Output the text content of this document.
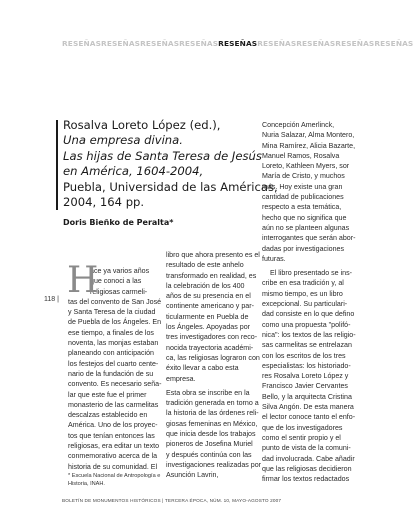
RESEÑASRESEÑASRESEÑASRESEÑASRESEÑASRESEÑASRESEÑASRESEÑASRESEÑAS
Rosalva Loreto López (ed.),
Una empresa divina.
Las hijas de Santa Teresa de Jesús
en América, 1604-2004,
Puebla, Universidad de las Américas,
2004, 164 pp.
Doris Bieñko de Peralta*
118 | H
ace ya varios años
que conoci a las
religiosas carmeli-
tas del convento de San José
y Santa Teresa de la ciudad
de Puebla de los Ángeles. En
ese tiempo, a finales de los
noventa, las monjas estaban
planeando con anticipación
los festejos del cuarto cente-
nario de la fundación de su
convento. Es necesario seña-
lar que este fue el primer
monasterio de las carmelitas
descalzas establecido en
América. Uno de los proyec-
tos que tenían entonces las
religiosas, era editar un texto
conmemorativo acerca de la
historia de su comunidad. El
libro que ahora presento es el
resultado de este anhelo
transformado en realidad, es
la celebración de los 400
años de su presencia en el
continente americano y par-
ticularmente en Puebla de
los Ángeles. Apoyadas por
tres investigadores con reco-
nocida trayectoria académi-
ca, las religiosas lograron con
éxito llevar a cabo esta
empresa.
Esta obra se inscribe en la
tradición generada en torno a
la historia de las órdenes reli-
giosas femeninas en México,
que inicia desde los trabajos
pioneros de Josefina Muriel
y después continúa con las
investigaciones realizadas por
Asunción Lavrin,
Concepción Amerlinck,
Nuria Salazar, Alma Montero,
Mina Ramírez, Alicia Bazarte,
Manuel Ramos, Rosalva
Loreto, Kathleen Myers, sor
María de Cristo, y muchos
más. Hoy existe una gran
cantidad de publicaciones
respecto a esta temática,
hecho que no significa que
aún no se planteen algunas
interrogantes que serán abor-
dadas por investigaciones
futuras.
El libro presentado se ins-
cribe en esa tradición y, al
mismo tiempo, es un libro
excepcional. Su particulari-
dad consiste en lo que defino
como una propuesta "polifó-
nica": los textos de las religio-
sas carmelitas se entrelazan
con los escritos de los tres
especialistas: los historiado-
res Rosalva Loreto López y
Francisco Javier Cervantes
Bello, y la arquitecta Cristina
Silva Angón. De esta manera
el lector conoce tanto el enfo-
que de los investigadores
como el sentir propio y el
punto de vista de la comuni-
dad involucrada. Cabe añadir
que las religiosas decidieron
firmar los textos redactados
* Escuela Nacional de Antropología e
Historia, INAH.
BOLETÍN DE MONUMENTOS HISTÓRICOS | TERCERA ÉPOCA, NÚM. 10, MAYO-AGOSTO 2007
